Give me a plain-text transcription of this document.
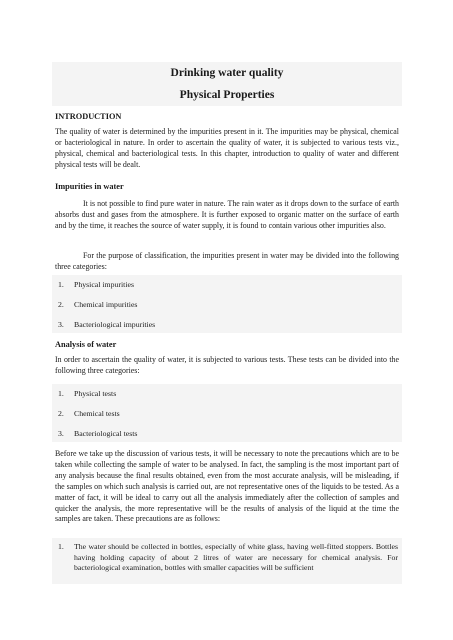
Drinking water quality

Physical Properties

INTRODUCTION

The quality of water is determined by the impurities present in it. The impurities may be physical, chemical or bacteriological in nature. In order to ascertain the quality of water, it is subjected to various tests viz., physical, chemical and bacteriological tests. In this chapter, introduction to quality of water and different physical tests will be dealt.

Impurities in water

It is not possible to find pure water in nature. The rain water as it drops down to the surface of earth absorbs dust and gases from the atmosphere. It is further exposed to organic matter on the surface of earth and by the time, it reaches the source of water supply, it is found to contain various other impurities also.

For the purpose of classification, the impurities present in water may be divided into the following three categories:

1. Physical impurities

2. Chemical impurities

3. Bacteriological impurities

Analysis of water

In order to ascertain the quality of water, it is subjected to various tests. These tests can be divided into the following three categories:

1. Physical tests

2. Chemical tests

3. Bacteriological tests

Before we take up the discussion of various tests, it will be necessary to note the precautions which are to be taken while collecting the sample of water to be analysed. In fact, the sampling is the most important part of any analysis because the final results obtained, even from the most accurate analysis, will be misleading, if the samples on which such analysis is carried out, are not representative ones of the liquids to be tested. As a matter of fact, it will be ideal to carry out all the analysis immediately after the collection of samples and quicker the analysis, the more representative will be the results of analysis of the liquid at the time the samples are taken. These precautions are as follows:

1. The water should be collected in bottles, especially of white glass, having well-fitted stoppers. Bottles having holding capacity of about 2 litres of water are necessary for chemical analysis. For bacteriological examination, bottles with smaller capacities will be sufficient
